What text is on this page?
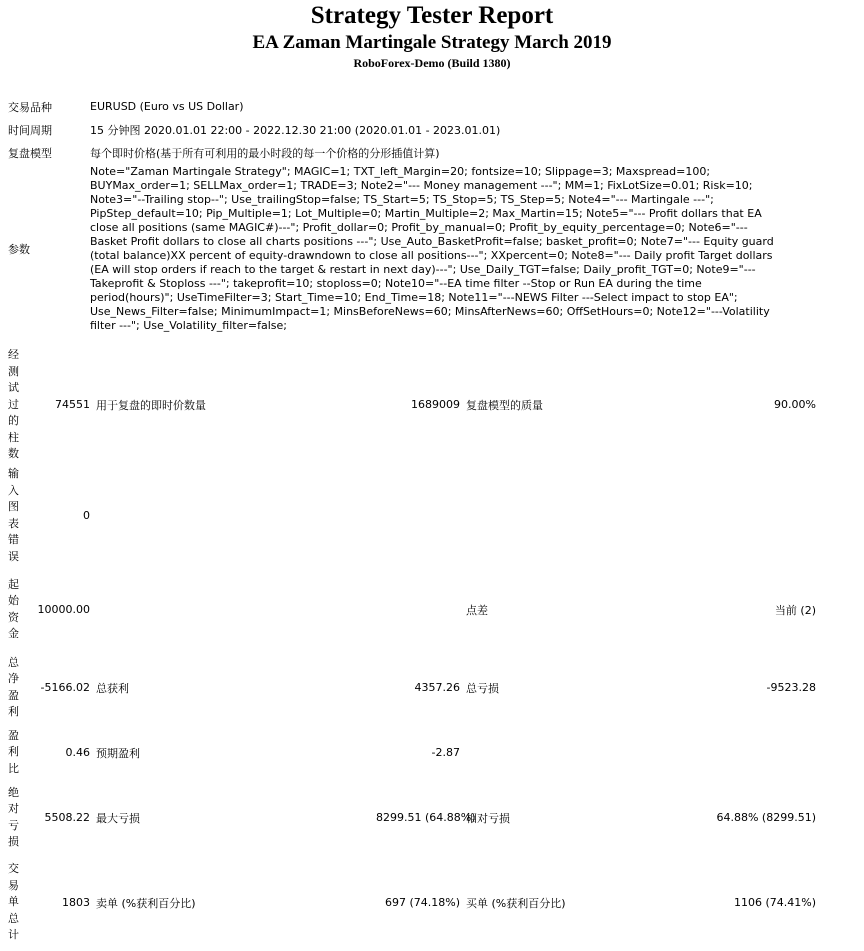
Strategy Tester Report
EA Zaman Martingale Strategy March 2019
RoboForex-Demo (Build 1380)
交易品种	EURUSD (Euro vs US Dollar)
时间周期	15 分钟图 2020.01.01 22:00 - 2022.12.30 21:00 (2020.01.01 - 2023.01.01)
复盘模型	每个即时价格(基于所有可利用的最小时段的每一个价格的分形插值计算)
参数	Note="Zaman Martingale Strategy"; MAGIC=1; TXT_left_Margin=20; fontsize=10; Slippage=3; Maxspread=100; BUYMax_order=1; SELLMax_order=1; TRADE=3; Note2="--- Money management ---"; MM=1; FixLotSize=0.01; Risk=10; Note3="--Trailing stop--"; Use_trailingStop=false; TS_Start=5; TS_Stop=5; TS_Step=5; Note4="--- Martingale ---"; PipStep_default=10; Pip_Multiple=1; Lot_Multiple=0; Martin_Multiple=2; Max_Martin=15; Note5="--- Profit dollars that EA close all positions (same MAGIC#)---"; Profit_dollar=0; Profit_by_manual=0; Profit_by_equity_percentage=0; Note6="--- Basket Profit dollars to close all charts positions ---"; Use_Auto_BasketProfit=false; basket_profit=0; Note7="--- Equity guard (total balance)XX percent of equity-drawndown to close all positions---"; XXpercent=0; Note8="--- Daily profit Target dollars (EA will stop orders if reach to the target & restart in next day)---"; Use_Daily_TGT=false; Daily_profit_TGT=0; Note9="--- Takeprofit & Stoploss ---"; takeprofit=10; stoploss=0; Note10="--EA time filter --Stop or Run EA during the time period(hours)"; UseTimeFilter=3; Start_Time=10; End_Time=18; Note11="---NEWS Filter ---Select impact to stop EA"; Use_News_Filter=false; MinimumImpact=1; MinsBeforeNews=60; MinsAfterNews=60; OffSetHours=0; Note12="---Volatility filter ---"; Use_Volatility_filter=false;
经测试过的柱数	74551	用于复盘的即时价数量	1689009	复盘模型的质量	90.00%
输入图表错误	0				
起始资金	10000.00			点差	当前 (2)
总净盈利	-5166.02	总获利	4357.26	总亏损	-9523.28
盈利比	0.46	预期盈利	-2.87		
绝对亏损	5508.22	最大亏损	8299.51 (64.88%)	相对亏损	64.88% (8299.51)
交易单总计	1803	卖单 (%获利百分比)	697 (74.18%)	买单 (%获利百分比)	1106 (74.41%)
